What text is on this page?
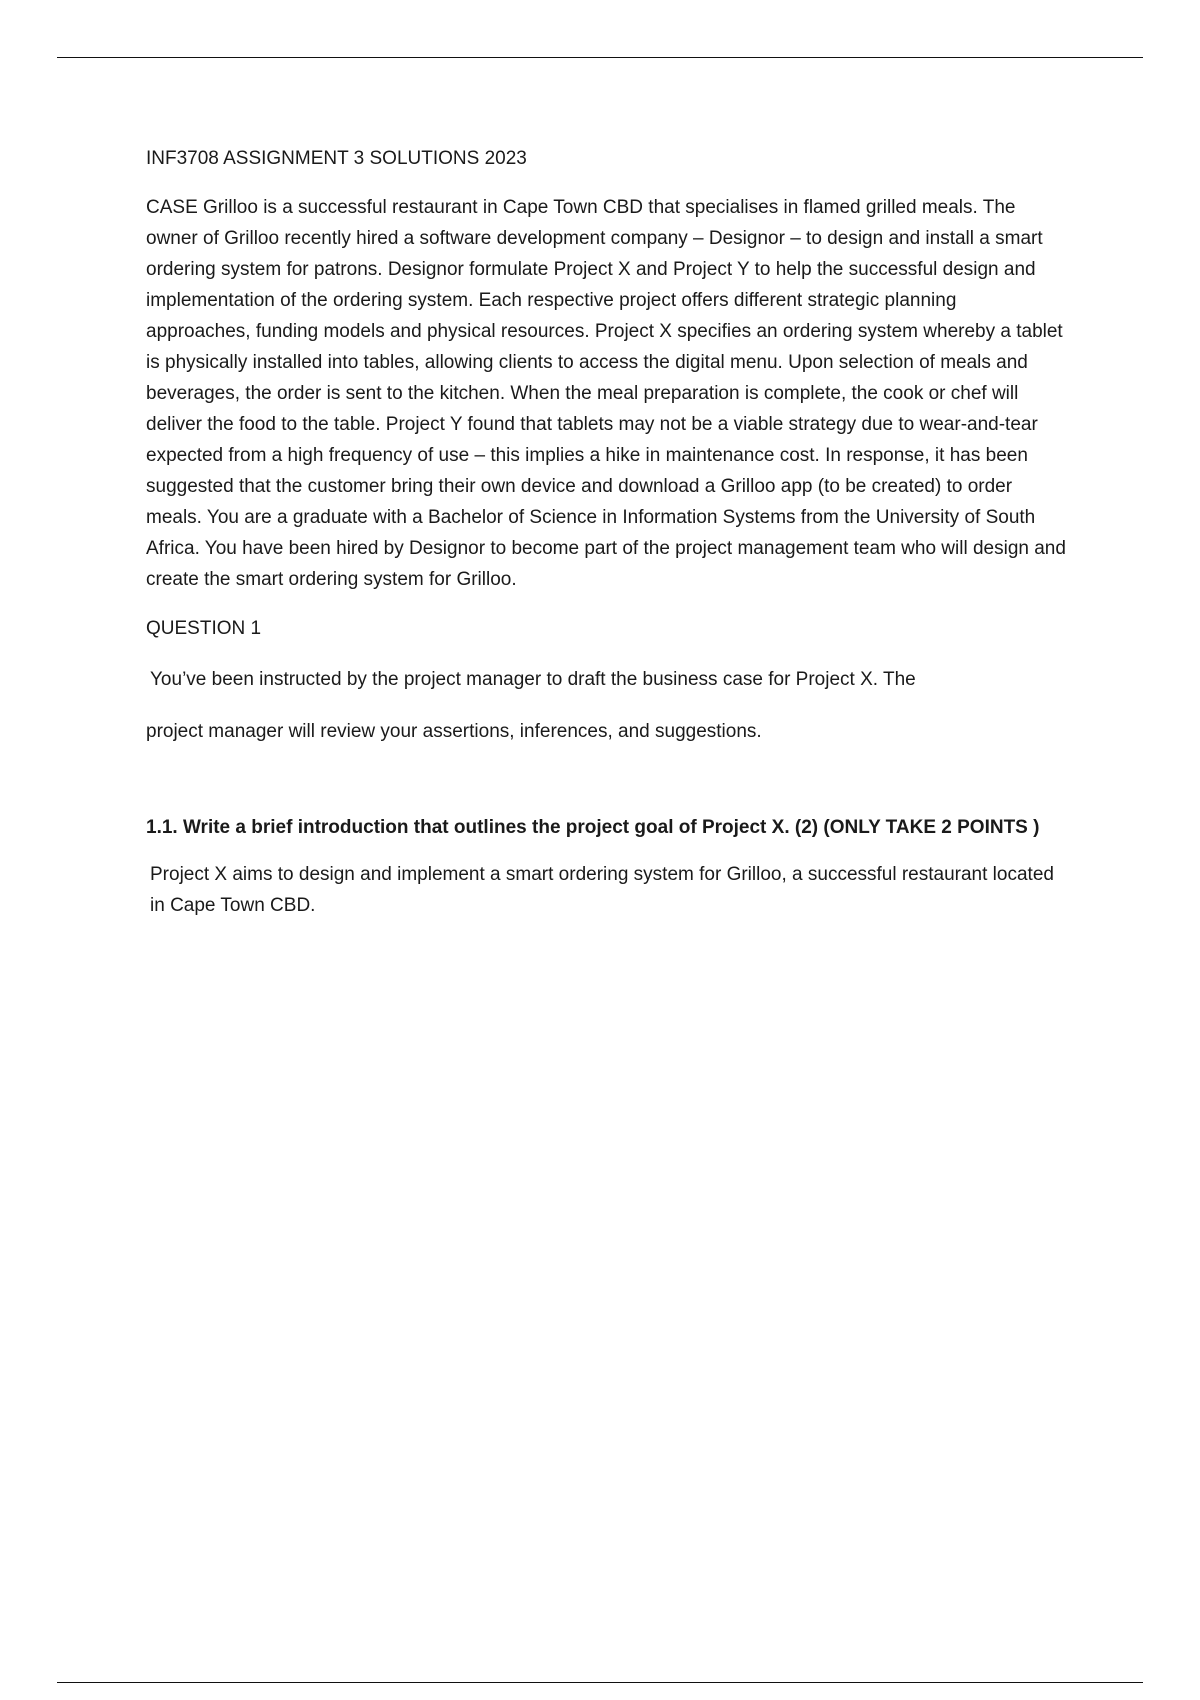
INF3708 ASSIGNMENT 3 SOLUTIONS 2023

CASE Grilloo is a successful restaurant in Cape Town CBD that specialises in flamed grilled meals. The owner of Grilloo recently hired a software development company – Designor – to design and install a smart ordering system for patrons. Designor formulate Project X and Project Y to help the successful design and implementation of the ordering system. Each respective project offers different strategic planning approaches, funding models and physical resources. Project X specifies an ordering system whereby a tablet is physically installed into tables, allowing clients to access the digital menu. Upon selection of meals and beverages, the order is sent to the kitchen. When the meal preparation is complete, the cook or chef will deliver the food to the table. Project Y found that tablets may not be a viable strategy due to wear-and-tear expected from a high frequency of use – this implies a hike in maintenance cost. In response, it has been suggested that the customer bring their own device and download a Grilloo app (to be created) to order meals. You are a graduate with a Bachelor of Science in Information Systems from the University of South Africa. You have been hired by Designor to become part of the project management team who will design and create the smart ordering system for Grilloo.

QUESTION 1

You’ve been instructed by the project manager to draft the business case for Project X. The

project manager will review your assertions, inferences, and suggestions.

1.1. Write a brief introduction that outlines the project goal of Project X. (2) (ONLY TAKE 2 POINTS )

Project X aims to design and implement a smart ordering system for Grilloo, a successful restaurant located in Cape Town CBD.
